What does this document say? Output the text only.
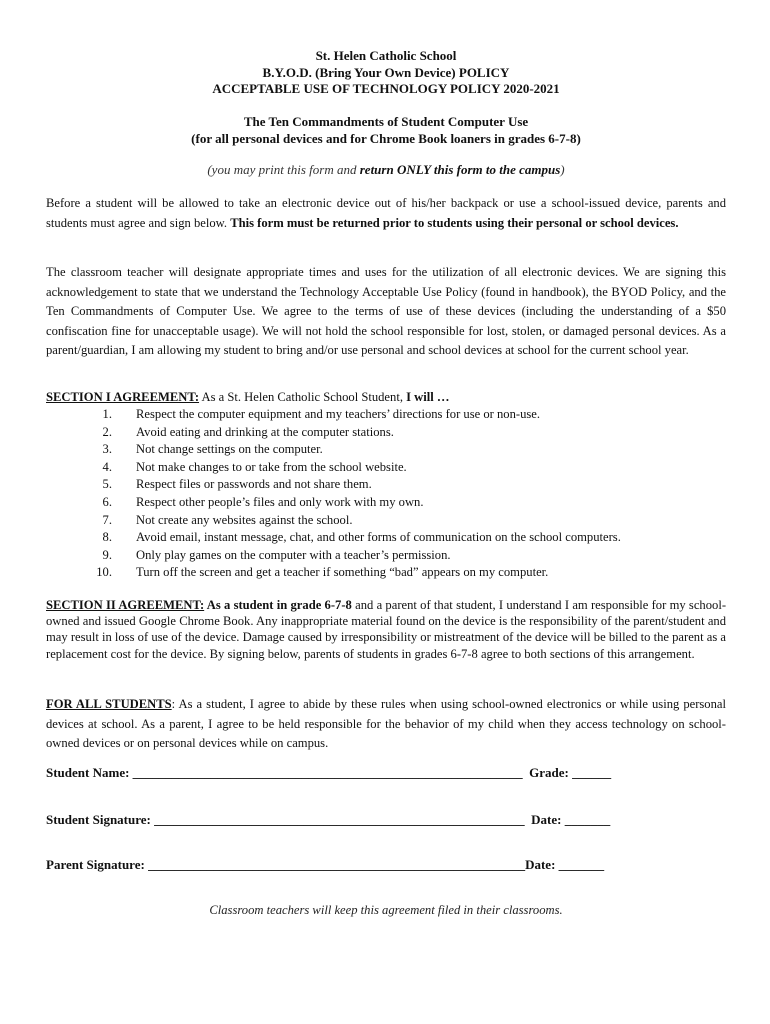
St. Helen Catholic School
B.Y.O.D. (Bring Your Own Device) POLICY
ACCEPTABLE USE OF TECHNOLOGY POLICY 2020-2021
The Ten Commandments of Student Computer Use
(for all personal devices and for Chrome Book loaners in grades 6-7-8)
(you may print this form and return ONLY this form to the campus)
Before a student will be allowed to take an electronic device out of his/her backpack or use a school-issued device, parents and students must agree and sign below. This form must be returned prior to students using their personal or school devices.
The classroom teacher will designate appropriate times and uses for the utilization of all electronic devices. We are signing this acknowledgement to state that we understand the Technology Acceptable Use Policy (found in handbook), the BYOD Policy, and the Ten Commandments of Computer Use. We agree to the terms of use of these devices (including the understanding of a $50 confiscation fine for unacceptable usage). We will not hold the school responsible for lost, stolen, or damaged personal devices. As a parent/guardian, I am allowing my student to bring and/or use personal and school devices at school for the current school year.
SECTION I AGREEMENT: As a St. Helen Catholic School Student, I will …
1. Respect the computer equipment and my teachers’ directions for use or non-use.
2. Avoid eating and drinking at the computer stations.
3. Not change settings on the computer.
4. Not make changes to or take from the school website.
5. Respect files or passwords and not share them.
6. Respect other people’s files and only work with my own.
7. Not create any websites against the school.
8. Avoid email, instant message, chat, and other forms of communication on the school computers.
9. Only play games on the computer with a teacher’s permission.
10. Turn off the screen and get a teacher if something “bad” appears on my computer.
SECTION II AGREEMENT: As a student in grade 6-7-8 and a parent of that student, I understand I am responsible for my school-owned and issued Google Chrome Book. Any inappropriate material found on the device is the responsibility of the parent/student and may result in loss of use of the device. Damage caused by irresponsibility or mistreatment of the device will be billed to the parent as a replacement cost for the device. By signing below, parents of students in grades 6-7-8 agree to both sections of this arrangement.
FOR ALL STUDENTS: As a student, I agree to abide by these rules when using school-owned electronics or while using personal devices at school. As a parent, I agree to be held responsible for the behavior of my child when they access technology on school-owned devices or on personal devices while on campus.
Student Name: ____________________________________________________________ Grade: ______
Student Signature: _________________________________________________________ Date: _______
Parent Signature: __________________________________________________________Date: _______
Classroom teachers will keep this agreement filed in their classrooms.
